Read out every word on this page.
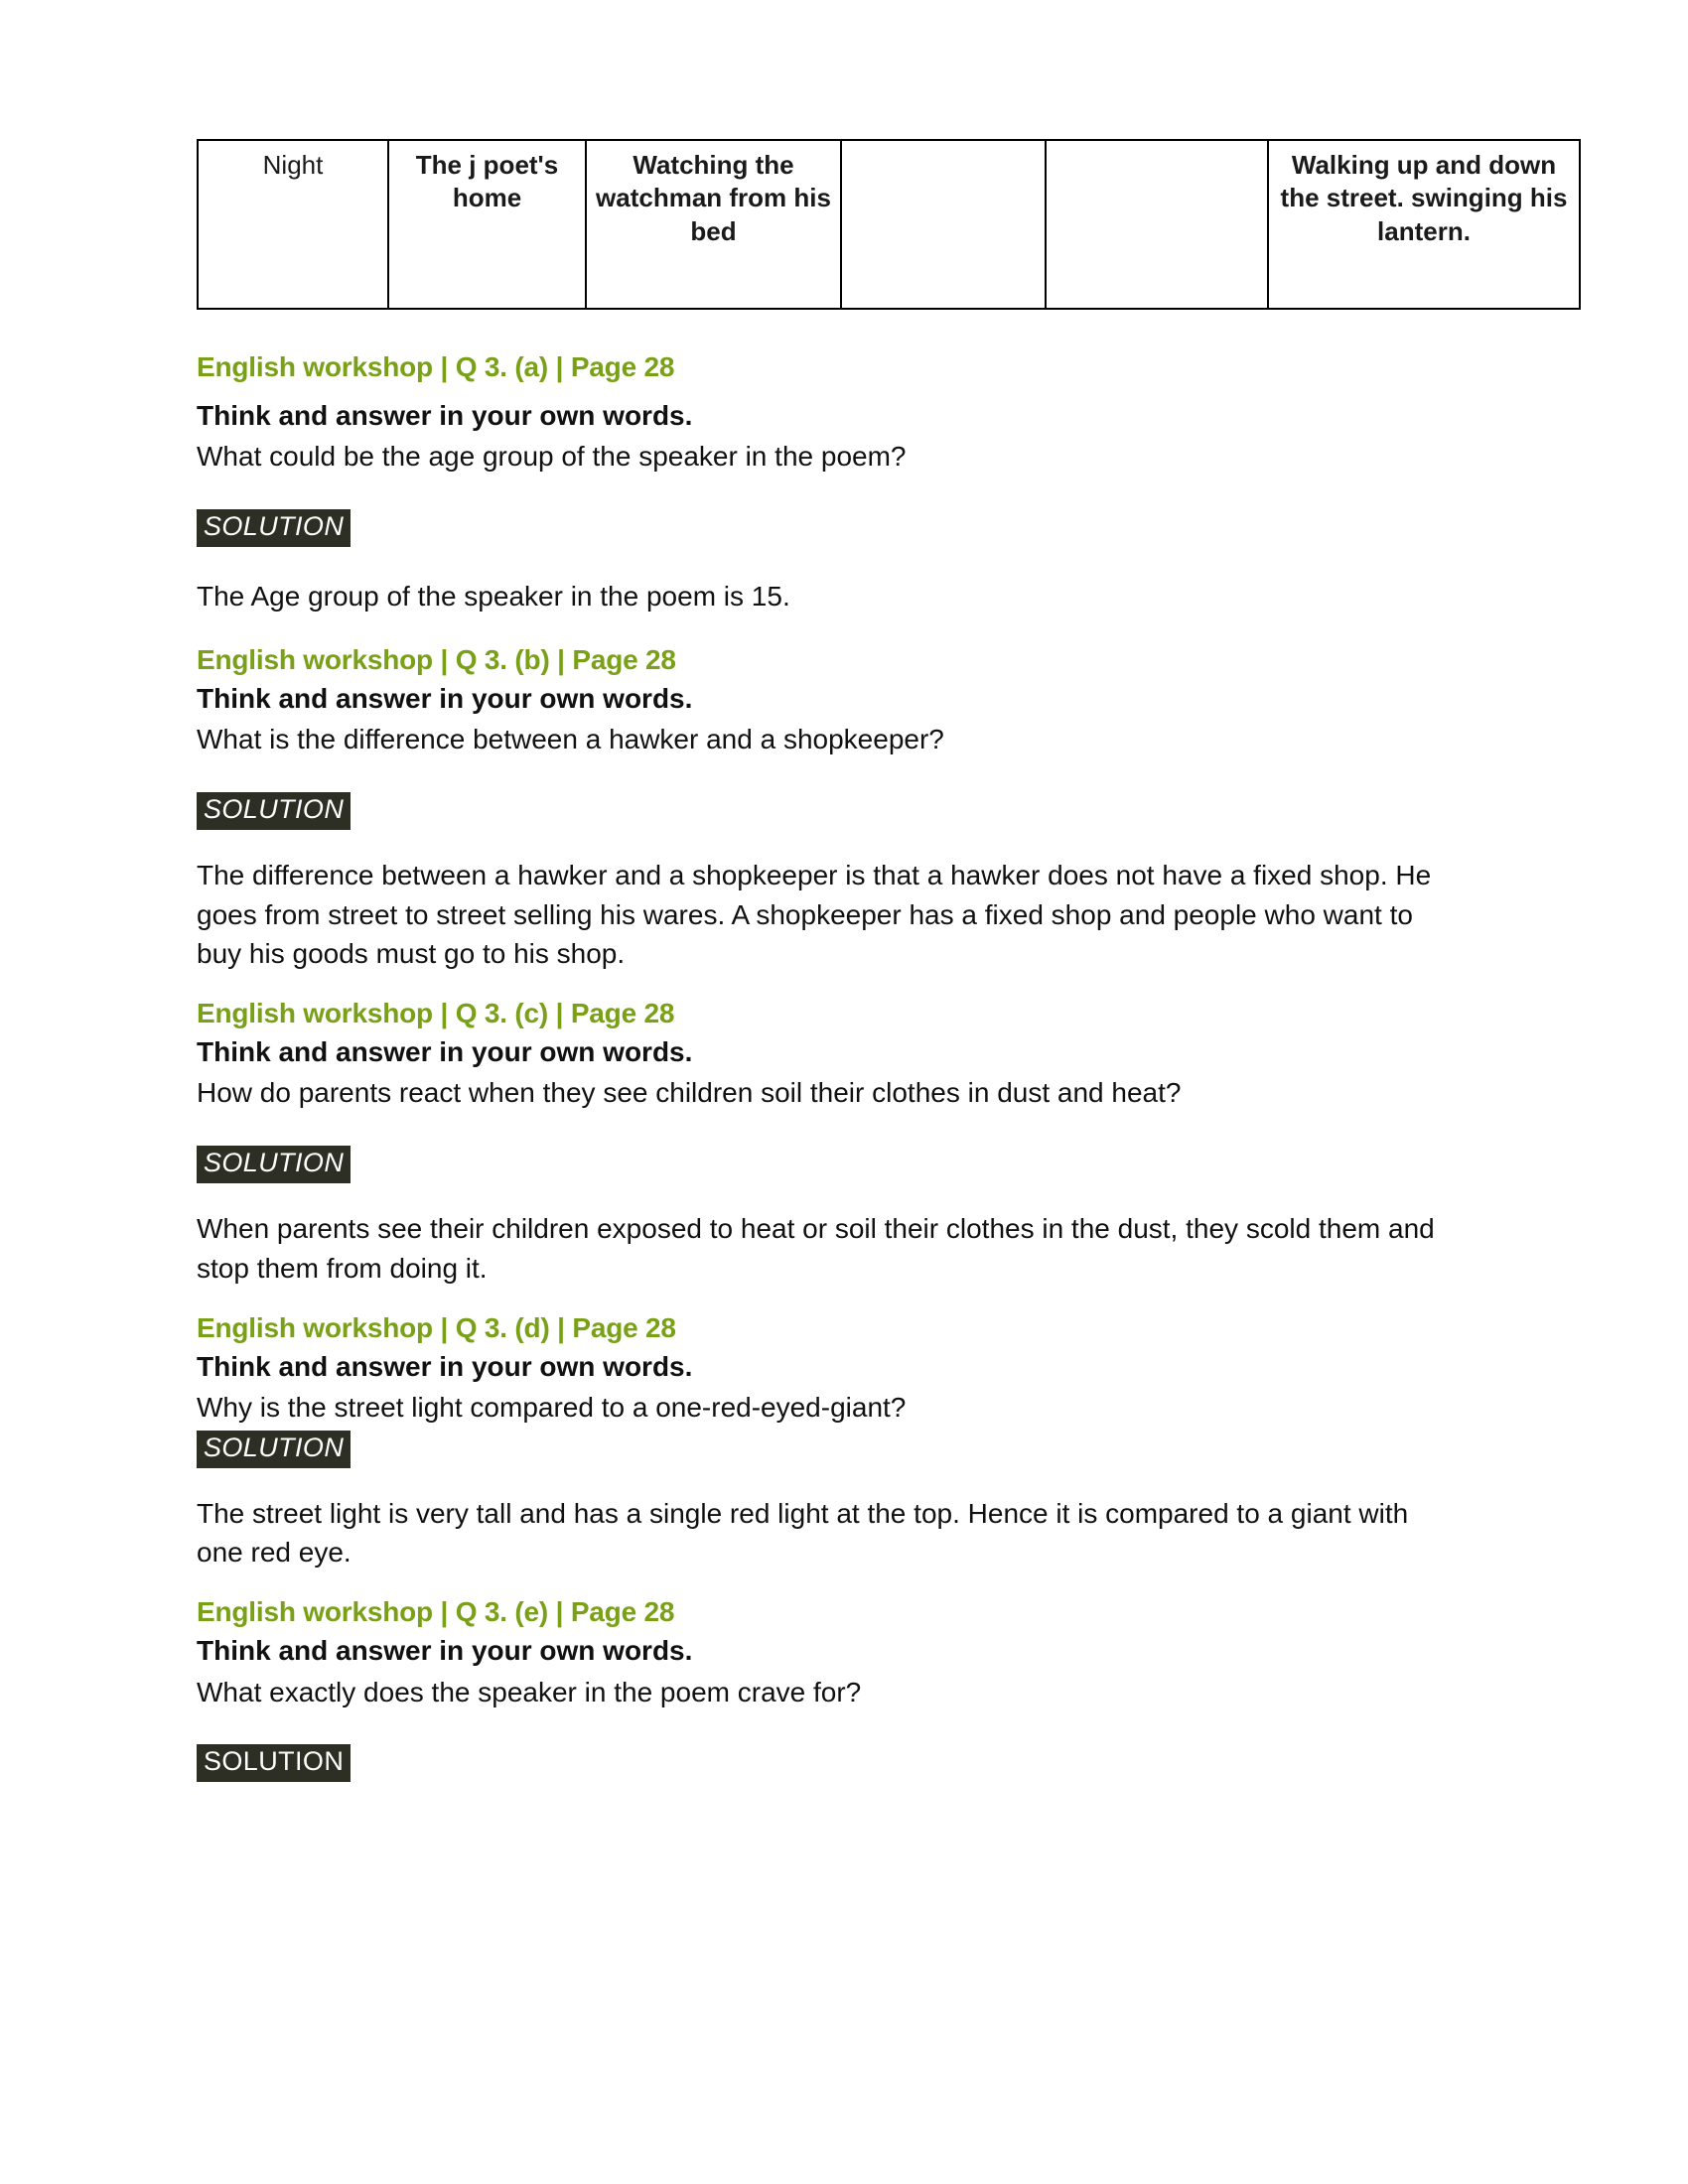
Night	The j poet's home	Watching the watchman from his bed			Walking up and down the street. swinging his lantern.
English workshop | Q 3. (a) | Page 28
Think and answer in your own words.
What could be the age group of the speaker in the poem?
SOLUTION
The Age group of the speaker in the poem is 15.
English workshop | Q 3. (b) | Page 28
Think and answer in your own words.
What is the difference between a hawker and a shopkeeper?
SOLUTION
The difference between a hawker and a shopkeeper is that a hawker does not have a fixed shop. He goes from street to street selling his wares. A shopkeeper has a fixed shop and people who want to buy his goods must go to his shop.
English workshop | Q 3. (c) | Page 28
Think and answer in your own words.
How do parents react when they see children soil their clothes in dust and heat?
SOLUTION
When parents see their children exposed to heat or soil their clothes in the dust, they scold them and stop them from doing it.
English workshop | Q 3. (d) | Page 28
Think and answer in your own words.
Why is the street light compared to a one-red-eyed-giant?
SOLUTION
The street light is very tall and has a single red light at the top. Hence it is compared to a giant with one red eye.
English workshop | Q 3. (e) | Page 28
Think and answer in your own words.
What exactly does the speaker in the poem crave for?
SOLUTION
